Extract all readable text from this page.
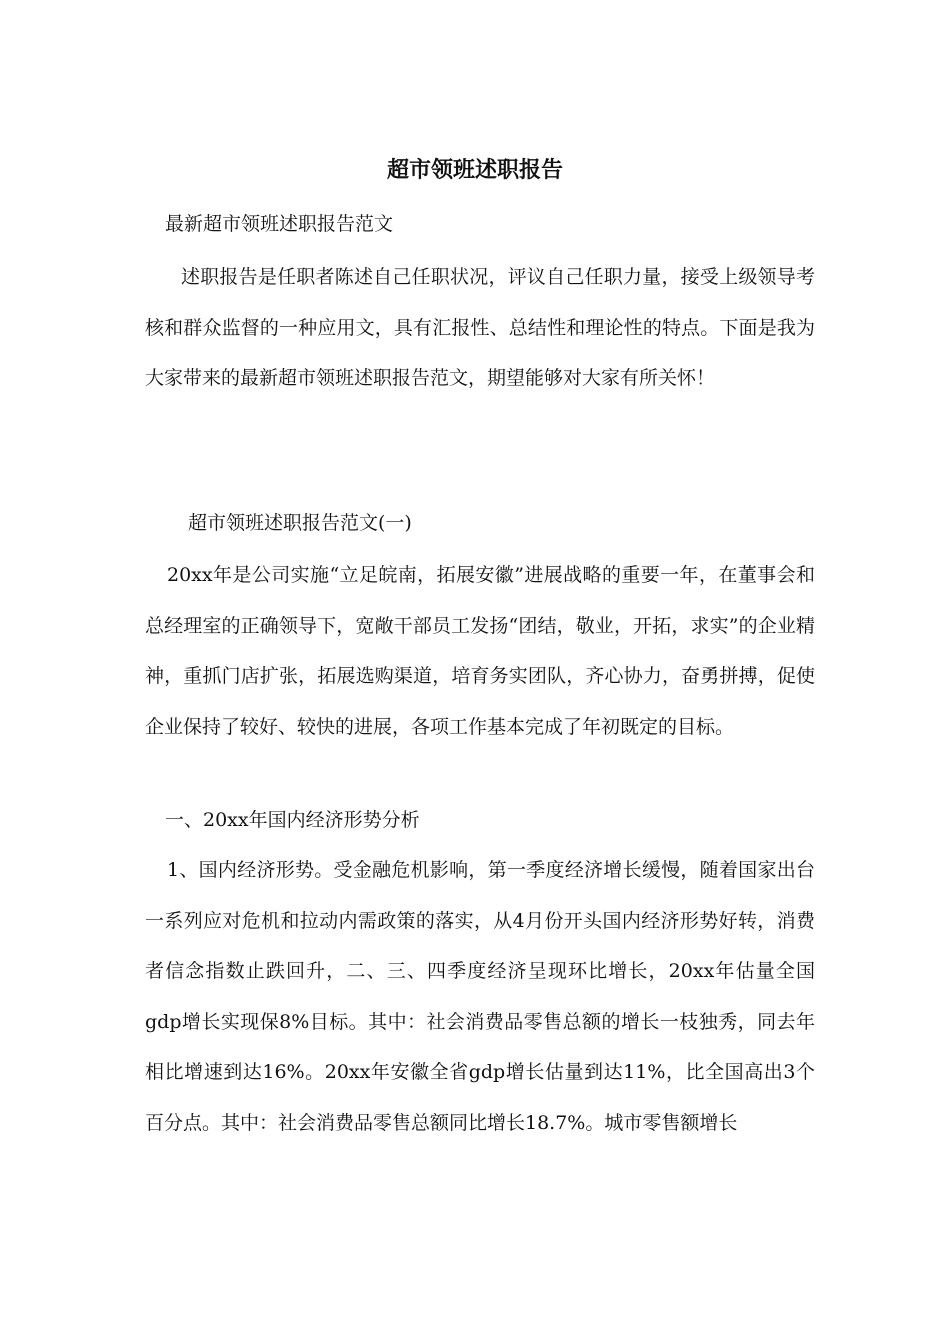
超市领班述职报告
最新超市领班述职报告范文
述职报告是任职者陈述自己任职状况，评议自己任职力量，接受上级领导考核和群众监督的一种应用文，具有汇报性、总结性和理论性的特点。下面是我为大家带来的最新超市领班述职报告范文，期望能够对大家有所关怀！
超市领班述职报告范文(一)
20xx年是公司实施“立足皖南，拓展安徽”进展战略的重要一年，在董事会和总经理室的正确领导下，宽敞干部员工发扬“团结，敬业，开拓，求实”的企业精神，重抓门店扩张，拓展选购渠道，培育务实团队，齐心协力，奋勇拼搏，促使企业保持了较好、较快的进展，各项工作基本完成了年初既定的目标。
一、20xx年国内经济形势分析
1、国内经济形势。受金融危机影响，第一季度经济增长缓慢，随着国家出台一系列应对危机和拉动内需政策的落实，从4月份开头国内经济形势好转，消费者信念指数止跌回升，二、三、四季度经济呈现环比增长，20xx年估量全国gdp增长实现保8%目标。其中：社会消费品零售总额的增长一枝独秀，同去年相比增速到达16%。20xx年安徽全省gdp增长估量到达11%，比全国高出3个百分点。其中：社会消费品零售总额同比增长18.7%。城市零售额增长
